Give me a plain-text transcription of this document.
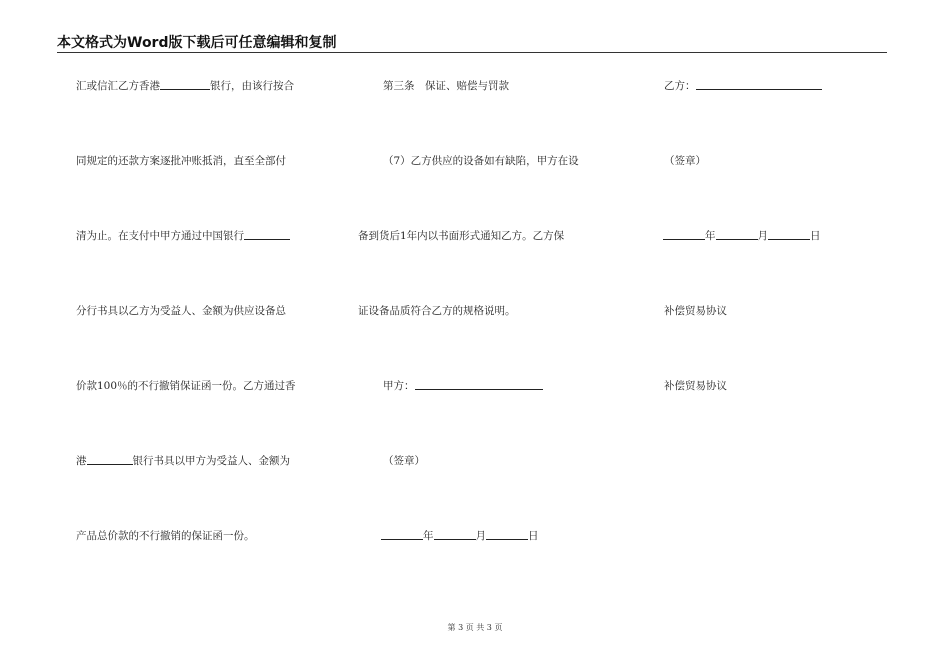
本文格式为Word版下载后可任意编辑和复制
汇或信汇乙方香港	银行，由该行按合
同规定的还款方案逐批冲账抵消，直至全部付
清为止。在支付中甲方通过中国银行
分行书具以乙方为受益人、金额为供应设备总
价款100％的不行撤销保证函一份。乙方通过香
港	银行书具以甲方为受益人、金额为
产品总价款的不行撤销的保证函一份。
第三条　保证、赔偿与罚款
（7）乙方供应的设备如有缺陷，甲方在设
备到货后1年内以书面形式通知乙方。乙方保
证设备品质符合乙方的规格说明。
甲方：
（签章）
年	月	日
乙方：
（签章）
年	月	日
补偿贸易协议
补偿贸易协议
第 3 页 共 3 页
